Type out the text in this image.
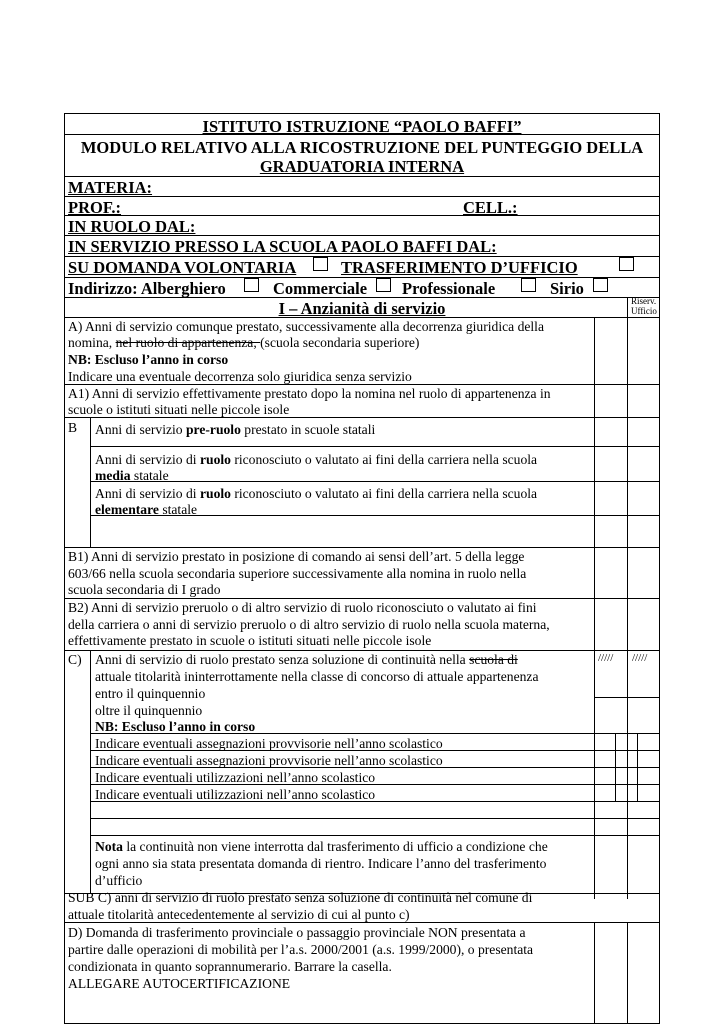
ISTITUTO ISTRUZIONE “PAOLO BAFFI”
MODULO RELATIVO ALLA RICOSTRUZIONE DEL PUNTEGGIO DELLA
GRADUATORIA INTERNA
MATERIA:
PROF.:	CELL.:
IN RUOLO DAL:
IN SERVIZIO PRESSO LA SCUOLA PAOLO BAFFI DAL:
SU DOMANDA VOLONTARIA	TRASFERIMENTO D’UFFICIO
Indirizzo: Alberghiero	Commerciale Professionale	Sirio
I – Anzianità di servizio	Riserv.
Ufficio
A) Anni di servizio comunque prestato, successivamente alla decorrenza giuridica della
nomina, nel ruolo di appartenenza, (scuola secondaria superiore)
NB: Escluso l’anno in corso
Indicare una eventuale decorrenza solo giuridica senza servizio
A1) Anni di servizio effettivamente prestato dopo la nomina nel ruolo di appartenenza in
scuole o istituti situati nelle piccole isole
B Anni di servizio pre-ruolo prestato in scuole statali
Anni di servizio di ruolo riconosciuto o valutato ai fini della carriera nella scuola
media statale
Anni di servizio di ruolo riconosciuto o valutato ai fini della carriera nella scuola
elementare statale
B1) Anni di servizio prestato in posizione di comando ai sensi dell’art. 5 della legge
603/66 nella scuola secondaria superiore successivamente alla nomina in ruolo nella
scuola secondaria di I grado
B2) Anni di servizio preruolo o di altro servizio di ruolo riconosciuto o valutato ai fini
della carriera o anni di servizio preruolo o di altro servizio di ruolo nella scuola materna,
effettivamente prestato in scuole o istituti situati nelle piccole isole
C) Anni di servizio di ruolo prestato senza soluzione di continuità nella scuola di
attuale titolarità ininterrottamente nella classe di concorso di attuale appartenenza
entro il quinquennio
oltre il quinquennio
NB: Escluso l’anno in corso
///// /////
Indicare eventuali assegnazioni provvisorie nell’anno scolastico
Indicare eventuali assegnazioni provvisorie nell’anno scolastico
Indicare eventuali utilizzazioni nell’anno scolastico
Indicare eventuali utilizzazioni nell’anno scolastico
Nota la continuità non viene interrotta dal trasferimento di ufficio a condizione che
ogni anno sia stata presentata domanda di rientro. Indicare l’anno del trasferimento
d’ufficio
SUB C) anni di servizio di ruolo prestato senza soluzione di continuità nel comune di
attuale titolarità antecedentemente al servizio di cui al punto c)
D) Domanda di trasferimento provinciale o passaggio provinciale NON presentata a
partire dalle operazioni di mobilità per l’a.s. 2000/2001 (a.s. 1999/2000), o presentata
condizionata in quanto soprannumerario. Barrare la casella.
ALLEGARE AUTOCERTIFICAZIONE
